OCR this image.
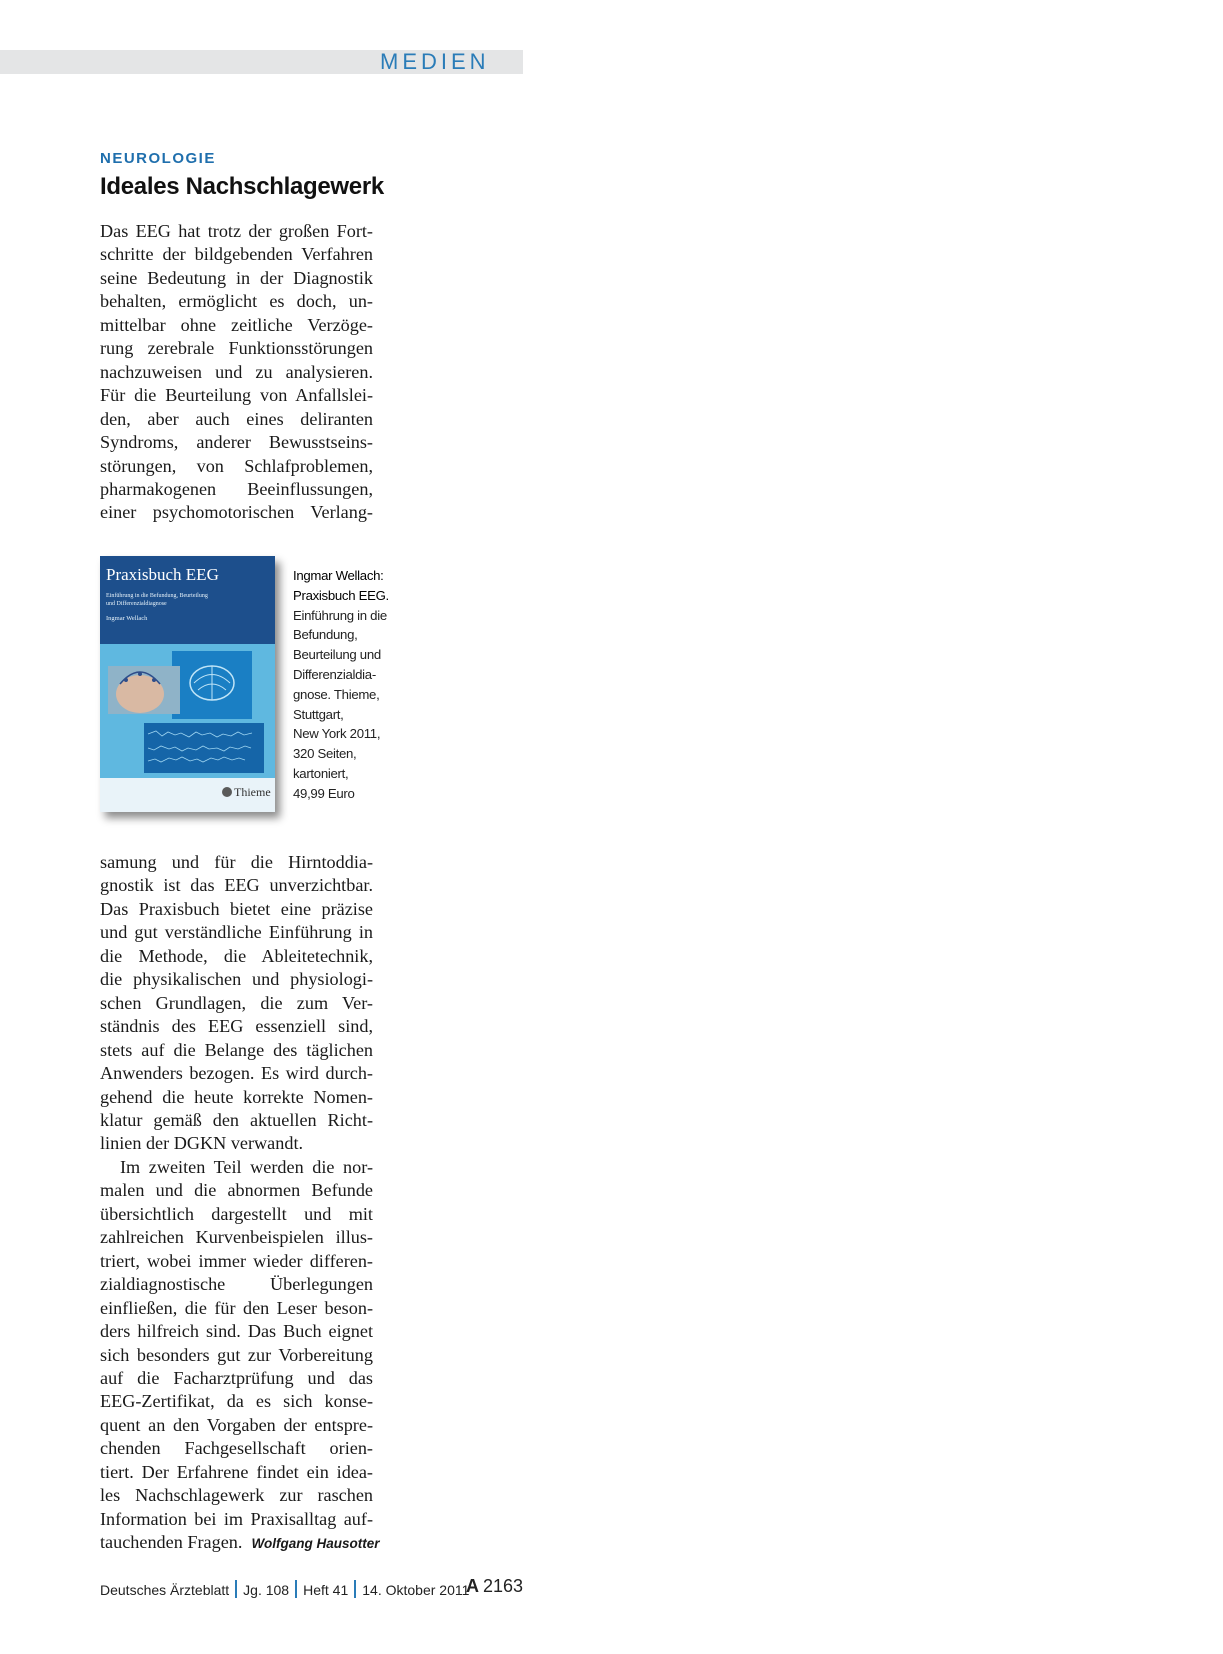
MEDIEN
NEUROLOGIE
Ideales Nachschlagewerk

Das EEG hat trotz der großen Fort-
schritte der bildgebenden Verfahren
seine Bedeutung in der Diagnostik
behalten, ermöglicht es doch, un-
mittelbar ohne zeitliche Verzöge-
rung zerebrale Funktionsstörungen
nachzuweisen und zu analysieren.
Für die Beurteilung von Anfallslei-
den, aber auch eines deliranten
Syndroms, anderer Bewusstseins-
störungen, von Schlafproblemen,
pharmakogenen Beeinflussungen,
einer psychomotorischen Verlang-

Praxisbuch EEG
Einführung in die Befundung, Beurteilung
und Differenzialdiagnose
Ingmar Wellach
Thieme
Ingmar Wellach:
Praxisbuch EEG.
Einführung in die
Befundung,
Beurteilung und
Differenzialdia-
gnose. Thieme,
Stuttgart,
New York 2011,
320 Seiten,
kartoniert,
49,99 Euro

samung und für die Hirntoddia-
gnostik ist das EEG unverzichtbar.
Das Praxisbuch bietet eine präzise
und gut verständliche Einführung in
die Methode, die Ableitetechnik,
die physikalischen und physiologi-
schen Grundlagen, die zum Ver-
ständnis des EEG essenziell sind,
stets auf die Belange des täglichen
Anwenders bezogen. Es wird durch-
gehend die heute korrekte Nomen-
klatur gemäß den aktuellen Richt-
linien der DGKN verwandt.

Im zweiten Teil werden die nor-
malen und die abnormen Befunde
übersichtlich dargestellt und mit
zahlreichen Kurvenbeispielen illus-
triert, wobei immer wieder differen-
zialdiagnostische Überlegungen
einfließen, die für den Leser beson-
ders hilfreich sind. Das Buch eignet
sich besonders gut zur Vorbereitung
auf die Facharztprüfung und das
EEG-Zertifikat, da es sich konse-
quent an den Vorgaben der entspre-
chenden Fachgesellschaft orien-
tiert. Der Erfahrene findet ein idea-
les Nachschlagewerk zur raschen
Information bei im Praxisalltag auf-

tauchenden Fragen. Wolfgang Hausotter
Deutsches Ärzteblatt Jg. 108 Heft 41 14. Oktober 2011
A 2163
